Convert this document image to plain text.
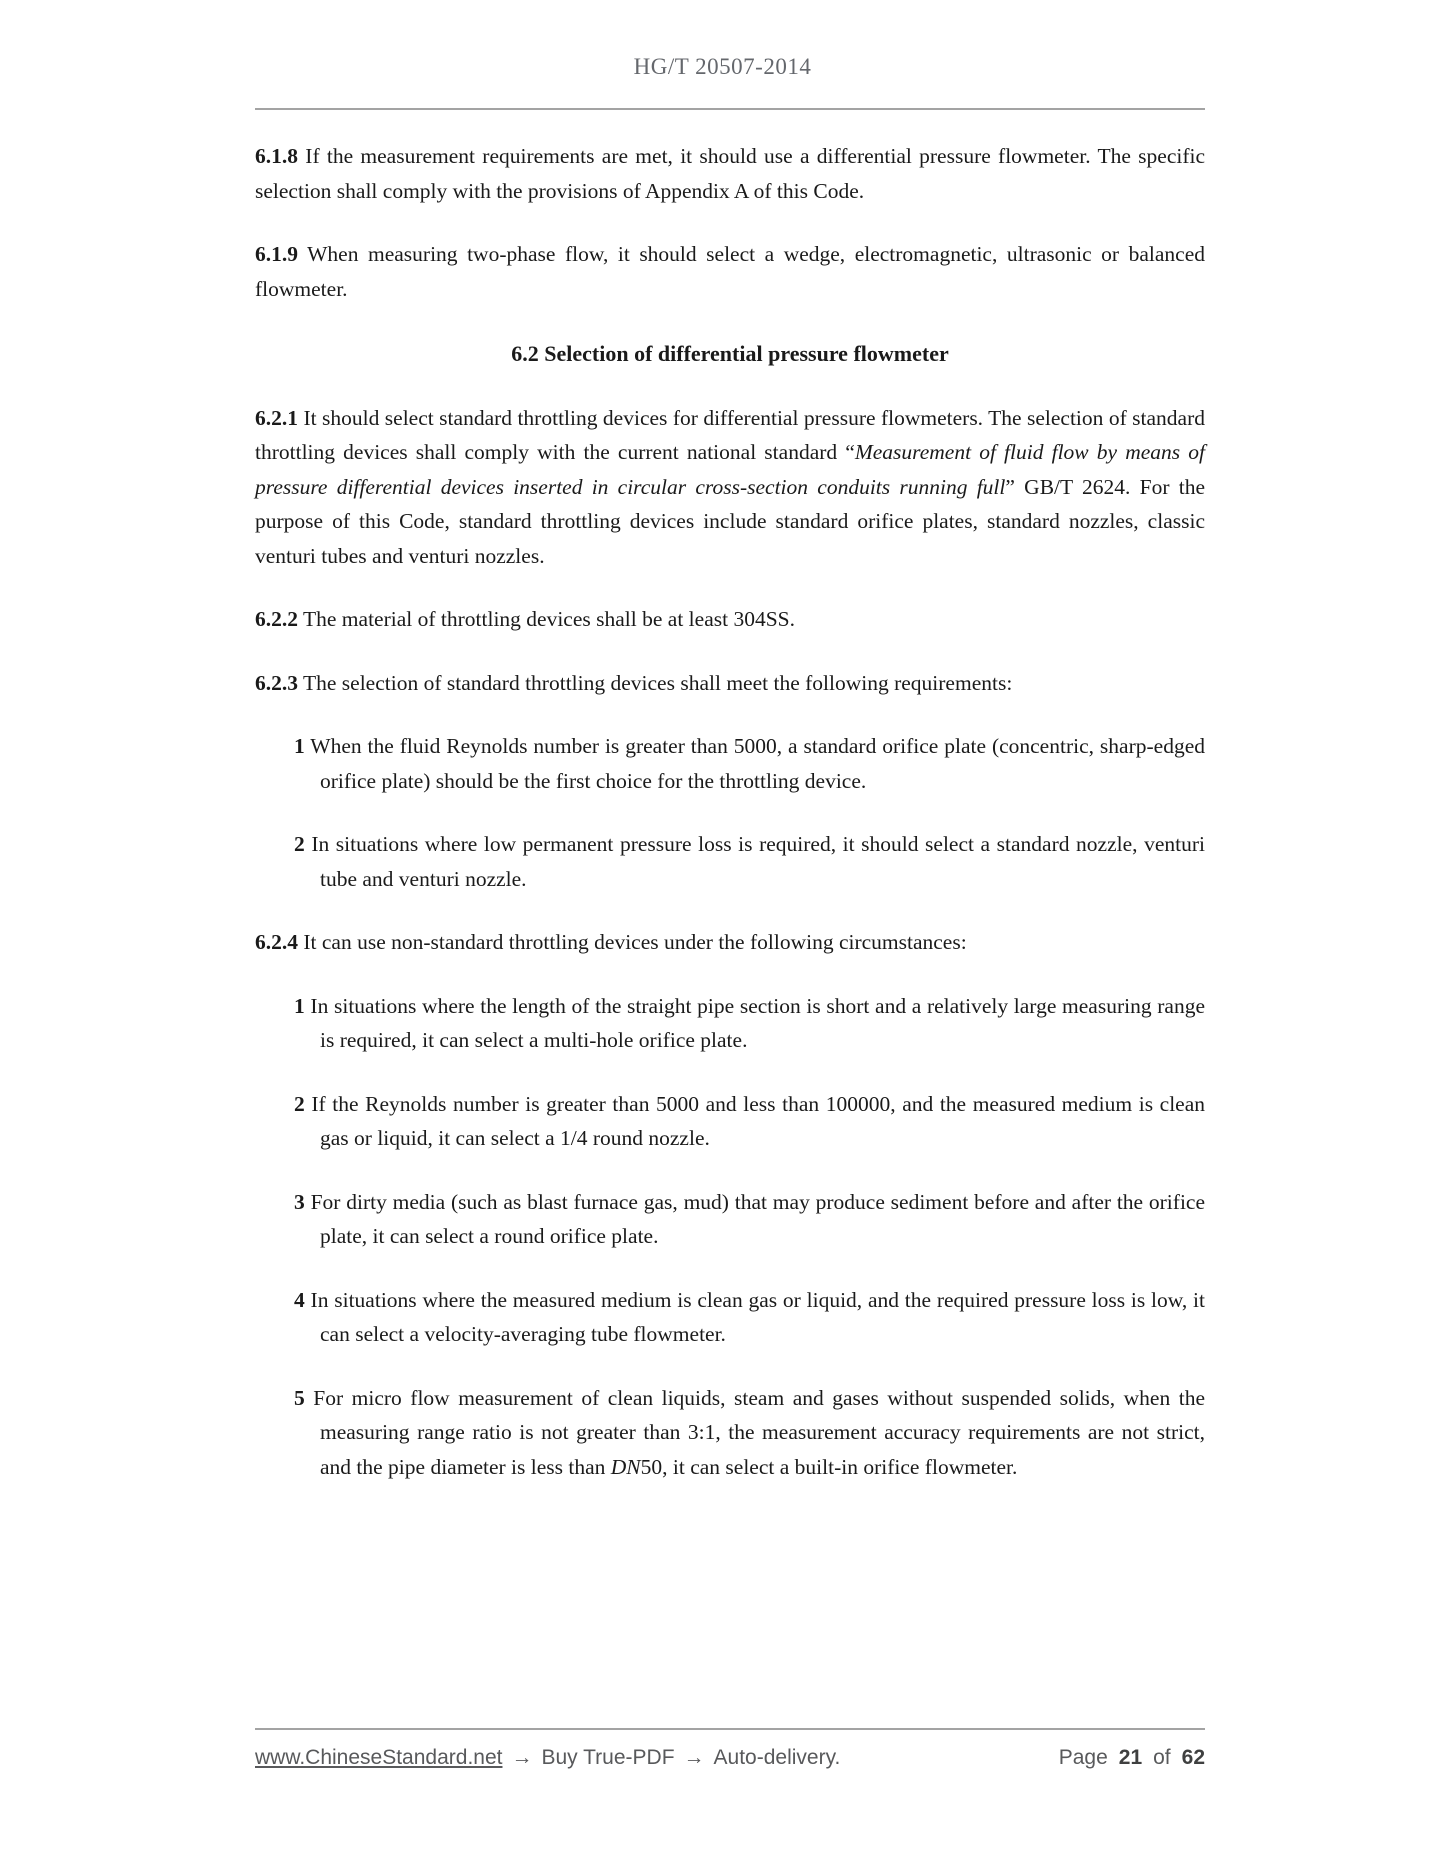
HG/T 20507-2014

6.1.8 If the measurement requirements are met, it should use a differential pressure flowmeter. The specific selection shall comply with the provisions of Appendix A of this Code.

6.1.9 When measuring two-phase flow, it should select a wedge, electromagnetic, ultrasonic or balanced flowmeter.

6.2 Selection of differential pressure flowmeter

6.2.1 It should select standard throttling devices for differential pressure flowmeters. The selection of standard throttling devices shall comply with the current national standard “Measurement of fluid flow by means of pressure differential devices inserted in circular cross-section conduits running full” GB/T 2624. For the purpose of this Code, standard throttling devices include standard orifice plates, standard nozzles, classic venturi tubes and venturi nozzles.

6.2.2 The material of throttling devices shall be at least 304SS.

6.2.3 The selection of standard throttling devices shall meet the following requirements:

1 When the fluid Reynolds number is greater than 5000, a standard orifice plate (concentric, sharp-edged orifice plate) should be the first choice for the throttling device.

2 In situations where low permanent pressure loss is required, it should select a standard nozzle, venturi tube and venturi nozzle.

6.2.4 It can use non-standard throttling devices under the following circumstances:

1 In situations where the length of the straight pipe section is short and a relatively large measuring range is required, it can select a multi-hole orifice plate.

2 If the Reynolds number is greater than 5000 and less than 100000, and the measured medium is clean gas or liquid, it can select a 1/4 round nozzle.

3 For dirty media (such as blast furnace gas, mud) that may produce sediment before and after the orifice plate, it can select a round orifice plate.

4 In situations where the measured medium is clean gas or liquid, and the required pressure loss is low, it can select a velocity-averaging tube flowmeter.

5 For micro flow measurement of clean liquids, steam and gases without suspended solids, when the measuring range ratio is not greater than 3:1, the measurement accuracy requirements are not strict, and the pipe diameter is less than DN50, it can select a built-in orifice flowmeter.

www.ChineseStandard.net → Buy True-PDF → Auto-delivery.	Page 21 of 62
